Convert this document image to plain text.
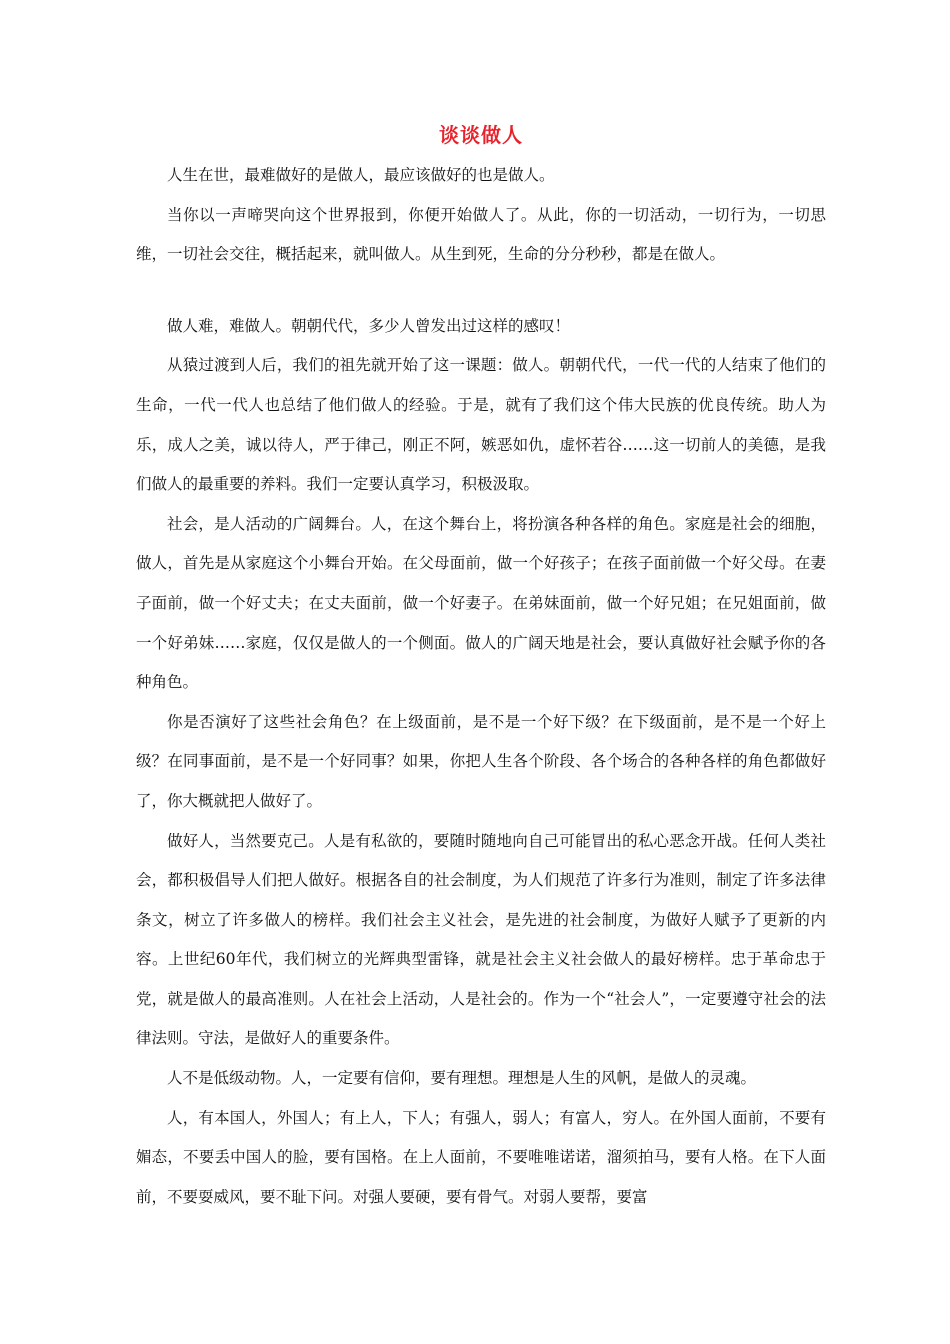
谈谈做人

人生在世，最难做好的是做人，最应该做好的也是做人。

当你以一声啼哭向这个世界报到，你便开始做人了。从此，你的一切活动，一切行为，一切思维，一切社会交往，概括起来，就叫做人。从生到死，生命的分分秒秒，都是在做人。

做人难，难做人。朝朝代代，多少人曾发出过这样的感叹！

从猿过渡到人后，我们的祖先就开始了这一课题：做人。朝朝代代，一代一代的人结束了他们的生命，一代一代人也总结了他们做人的经验。于是，就有了我们这个伟大民族的优良传统。助人为乐，成人之美，诚以待人，严于律己，刚正不阿，嫉恶如仇，虚怀若谷……这一切前人的美德，是我们做人的最重要的养料。我们一定要认真学习，积极汲取。

社会，是人活动的广阔舞台。人，在这个舞台上，将扮演各种各样的角色。家庭是社会的细胞，做人，首先是从家庭这个小舞台开始。在父母面前，做一个好孩子；在孩子面前做一个好父母。在妻子面前，做一个好丈夫；在丈夫面前，做一个好妻子。在弟妹面前，做一个好兄姐；在兄姐面前，做一个好弟妹……家庭，仅仅是做人的一个侧面。做人的广阔天地是社会，要认真做好社会赋予你的各种角色。

你是否演好了这些社会角色？在上级面前，是不是一个好下级？在下级面前，是不是一个好上级？在同事面前，是不是一个好同事？如果，你把人生各个阶段、各个场合的各种各样的角色都做好了，你大概就把人做好了。

做好人，当然要克己。人是有私欲的，要随时随地向自己可能冒出的私心恶念开战。任何人类社会，都积极倡导人们把人做好。根据各自的社会制度，为人们规范了许多行为准则，制定了许多法律条文，树立了许多做人的榜样。我们社会主义社会，是先进的社会制度，为做好人赋予了更新的内容。上世纪60年代，我们树立的光辉典型雷锋，就是社会主义社会做人的最好榜样。忠于革命忠于党，就是做人的最高准则。人在社会上活动，人是社会的。作为一个“社会人”，一定要遵守社会的法律法则。守法，是做好人的重要条件。

人不是低级动物。人，一定要有信仰，要有理想。理想是人生的风帆，是做人的灵魂。

人，有本国人，外国人；有上人，下人；有强人，弱人；有富人，穷人。在外国人面前，不要有媚态，不要丢中国人的脸，要有国格。在上人面前，不要唯唯诺诺，溜须拍马，要有人格。在下人面前，不要耍威风，要不耻下问。对强人要硬，要有骨气。对弱人要帮，要富
